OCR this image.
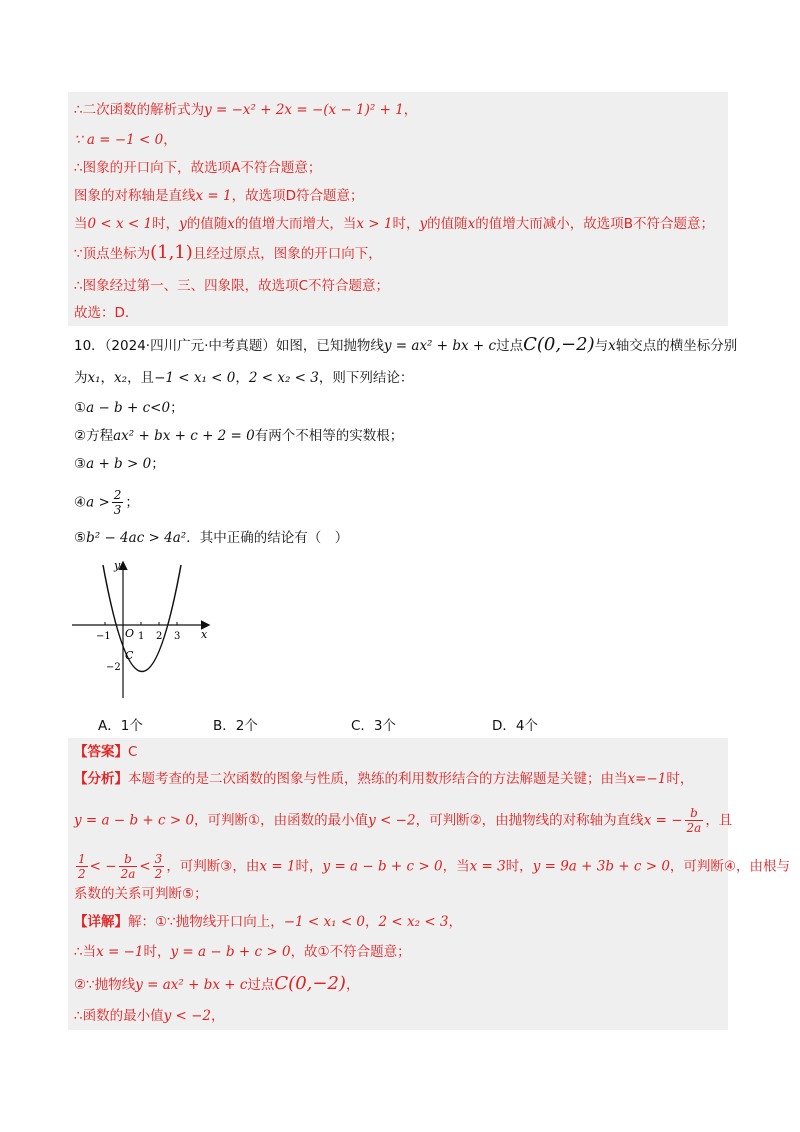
∴二次函数的解析式为y = −x² + 2x = −(x − 1)² + 1，
∵ a = −1 < 0，
∴图象的开口向下，故选项A不符合题意；
图象的对称轴是直线x = 1，故选项D符合题意；
当0 < x < 1时，y的值随x的值增大而增大，当x > 1时，y的值随x的值增大而减小，故选项B不符合题意；
∵顶点坐标为(1,1)且经过原点，图象的开口向下，
∴图象经过第一、三、四象限，故选项C不符合题意；
故选：D．
10．（2024·四川广元·中考真题）如图，已知抛物线y = ax² + bx + c过点C(0,−2)与x轴交点的横坐标分别
为x₁，x₂，且−1 < x₁ < 0，2 < x₂ < 3，则下列结论：
①a − b + c<0；
②方程ax² + bx + c + 2 = 0有两个不相等的实数根；
③a + b > 0；
④a > $\frac{2}{3}$ ；
⑤b² − 4ac > 4a²．其中正确的结论有（　）
y
x
O
−1	1 2 3
C
−2
A．1个	B．2个	C．3个	D．4个
【答案】C
【分析】本题考查的是二次函数的图象与性质，熟练的利用数形结合的方法解题是关键；由当x=−1时，
y = a − b + c > 0，可判断①，由函数的最小值y < −2，可判断②，由抛物线的对称轴为直线x = − $\frac{b}{2a}$ ，且
$\frac{1}{2}$ < − $\frac{b}{2a} < \frac{3}{2}$ ，可判断③，由x = 1时，y = a − b + c > 0，当x = 3时，y = 9a + 3b + c > 0，可判断④，由根与
系数的关系可判断⑤；
【详解】解：①∵抛物线开口向上，−1 < x₁ < 0，2 < x₂ < 3，
∴当x = −1时，y = a − b + c > 0，故①不符合题意；
②∵抛物线y = ax² + bx + c过点C(0,−2)，
∴函数的最小值y < −2，
